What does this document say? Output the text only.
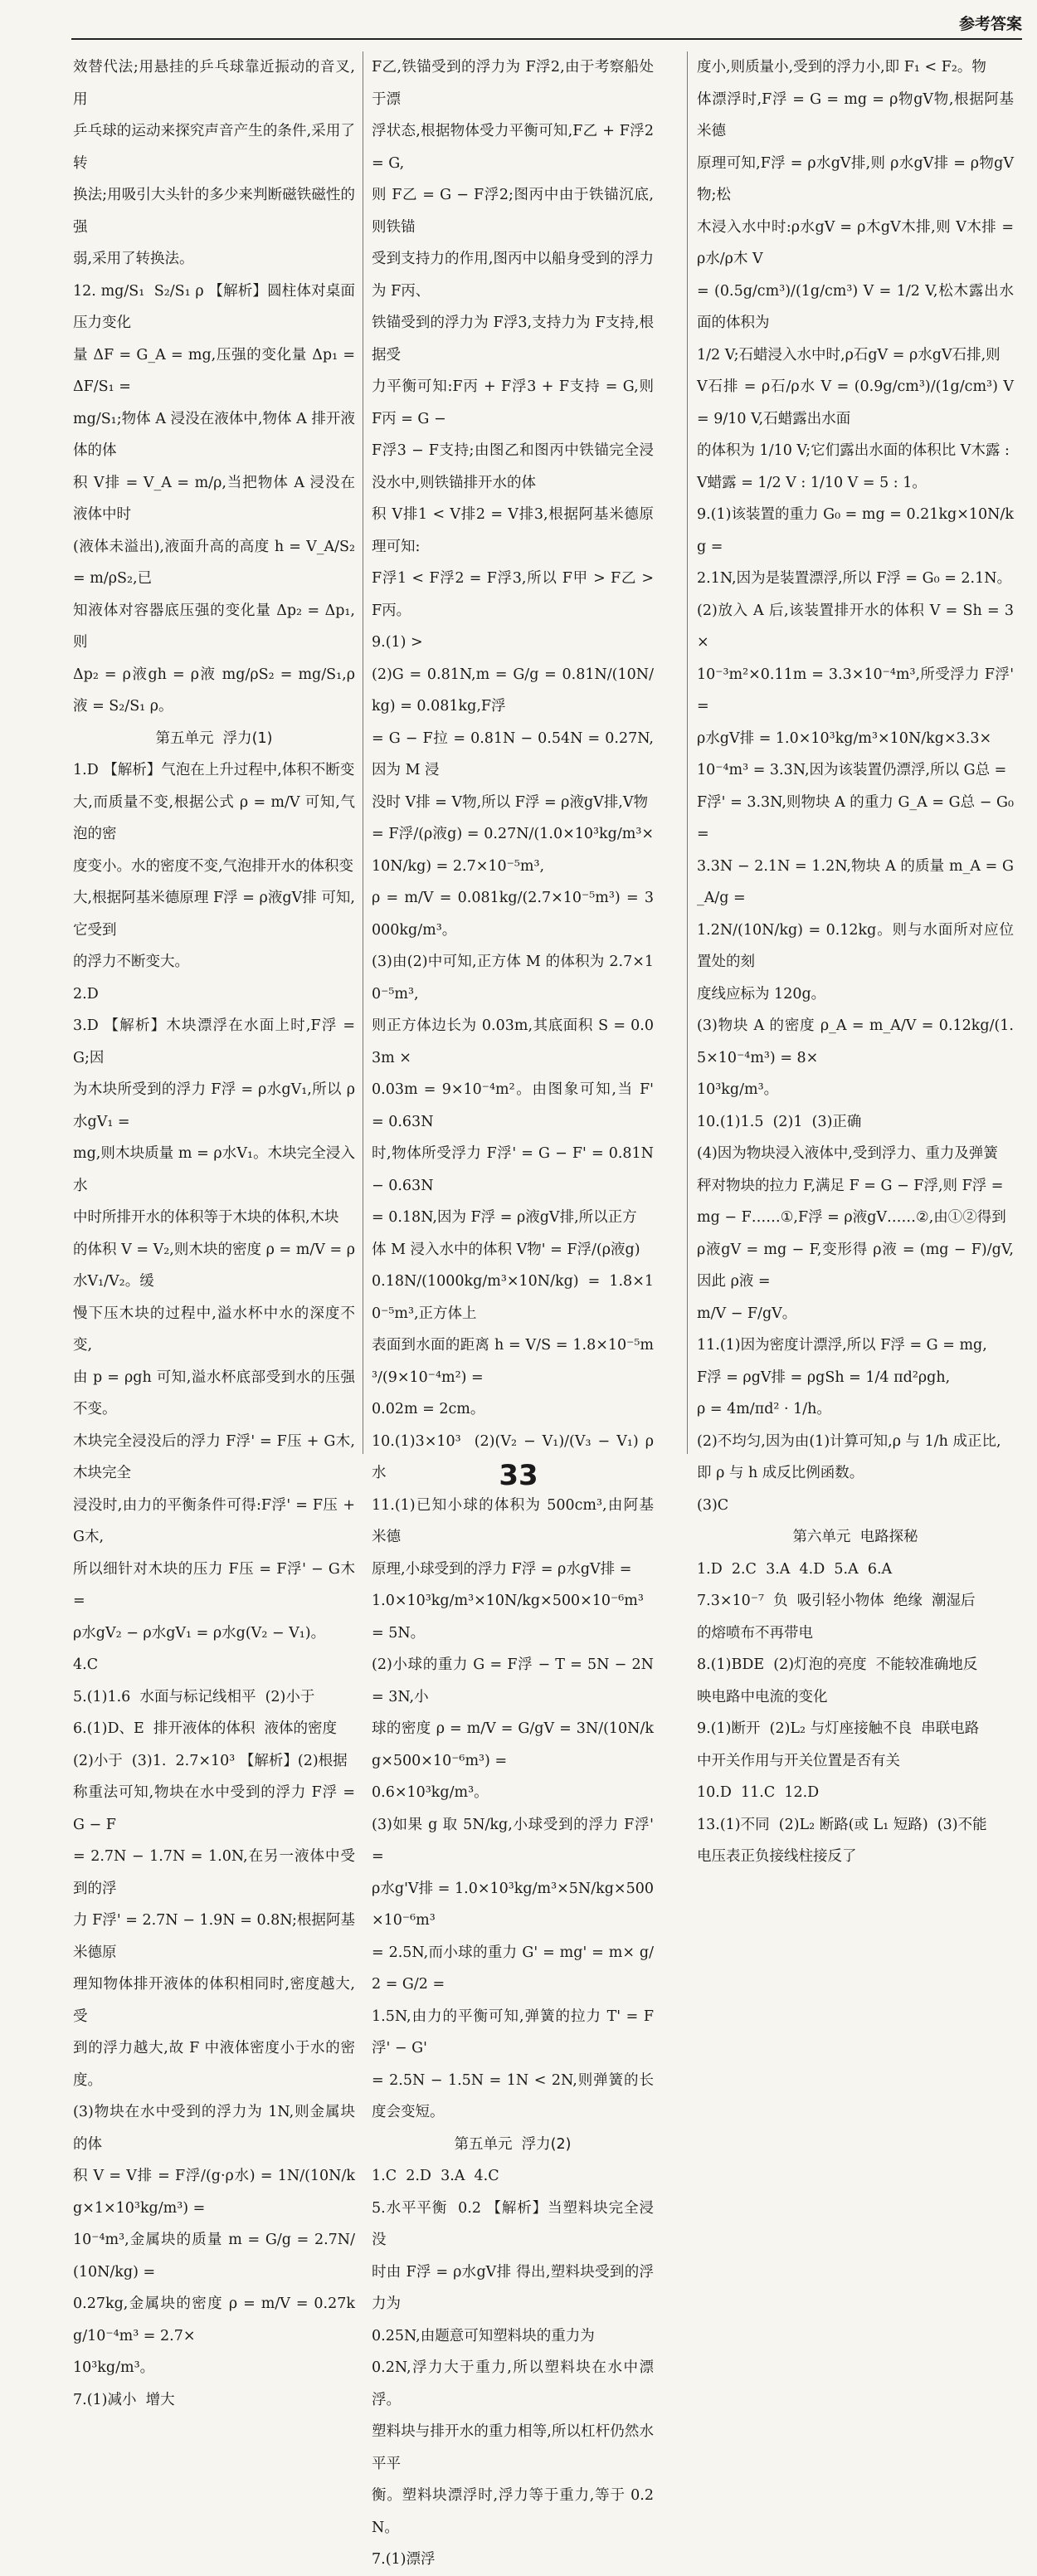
参考答案
效替代法;用悬挂的乒乓球靠近振动的音叉,用
乒乓球的运动来探究声音产生的条件,采用了转
换法;用吸引大头针的多少来判断磁铁磁性的强
弱,采用了转换法。
12. mg/S₁  S₂/S₁ ρ 【解析】圆柱体对桌面压力变化
量 ΔF = G_A = mg,压强的变化量 Δp₁ = ΔF/S₁ =
mg/S₁;物体 A 浸没在液体中,物体 A 排开液体的体
积 V排 = V_A = m/ρ,当把物体 A 浸没在液体中时
(液体未溢出),液面升高的高度 h = V_A/S₂ = m/ρS₂,已
知液体对容器底压强的变化量 Δp₂ = Δp₁,则
Δp₂ = ρ液gh = ρ液 mg/ρS₂ = mg/S₁,ρ液 = S₂/S₁ ρ。
第五单元  浮力(1)
1.D 【解析】气泡在上升过程中,体积不断变
大,而质量不变,根据公式 ρ = m/V 可知,气泡的密
度变小。水的密度不变,气泡排开水的体积变
大,根据阿基米德原理 F浮 = ρ液gV排 可知,它受到
的浮力不断变大。
2.D
3.D 【解析】木块漂浮在水面上时,F浮 = G;因
为木块所受到的浮力 F浮 = ρ水gV₁,所以 ρ水gV₁ =
mg,则木块质量 m = ρ水V₁。木块完全浸入水
中时所排开水的体积等于木块的体积,木块
的体积 V = V₂,则木块的密度 ρ = m/V = ρ水V₁/V₂。缓
慢下压木块的过程中,溢水杯中水的深度不变,
由 p = ρgh 可知,溢水杯底部受到水的压强不变。
木块完全浸没后的浮力 F浮' = F压 + G木,木块完全
浸没时,由力的平衡条件可得:F浮' = F压 + G木,
所以细针对木块的压力 F压 = F浮' − G木 =
ρ水gV₂ − ρ水gV₁ = ρ水g(V₂ − V₁)。
4.C
5.(1)1.6  水面与标记线相平  (2)小于
6.(1)D、E  排开液体的体积  液体的密度
(2)小于  (3)1.  2.7×10³ 【解析】(2)根据
称重法可知,物块在水中受到的浮力 F浮 = G − F
= 2.7N − 1.7N = 1.0N,在另一液体中受到的浮
力 F浮' = 2.7N − 1.9N = 0.8N;根据阿基米德原
理知物体排开液体的体积相同时,密度越大,受
到的浮力越大,故 F 中液体密度小于水的密度。
(3)物块在水中受到的浮力为 1N,则金属块的体
积 V = V排 = F浮/(g·ρ水) = 1N/(10N/kg×1×10³kg/m³) =
10⁻⁴m³,金属块的质量 m = G/g = 2.7N/(10N/kg) =
0.27kg,金属块的密度 ρ = m/V = 0.27kg/10⁻⁴m³ = 2.7×
10³kg/m³。
7.(1)减小  增大
F乙,铁锚受到的浮力为 F浮2,由于考察船处于漂
浮状态,根据物体受力平衡可知,F乙 + F浮2 = G,
则 F乙 = G − F浮2;图丙中由于铁锚沉底,则铁锚
受到支持力的作用,图丙中以船身受到的浮力为 F丙、
铁锚受到的浮力为 F浮3,支持力为 F支持,根据受
力平衡可知:F丙 + F浮3 + F支持 = G,则 F丙 = G −
F浮3 − F支持;由图乙和图丙中铁锚完全浸没水中,则铁锚排开水的体
积 V排1 < V排2 = V排3,根据阿基米德原理可知:
F浮1 < F浮2 = F浮3,所以 F甲 > F乙 > F丙。
9.(1) >
(2)G = 0.81N,m = G/g = 0.81N/(10N/kg) = 0.081kg,F浮
= G − F拉 = 0.81N − 0.54N = 0.27N,因为 M 浸
没时 V排 = V物,所以 F浮 = ρ液gV排,V物
= F浮/(ρ液g) = 0.27N/(1.0×10³kg/m³×10N/kg) = 2.7×10⁻⁵m³,
ρ = m/V = 0.081kg/(2.7×10⁻⁵m³) = 3000kg/m³。
(3)由(2)中可知,正方体 M 的体积为 2.7×10⁻⁵m³,
则正方体边长为 0.03m,其底面积 S = 0.03m ×
0.03m = 9×10⁻⁴m²。由图象可知,当 F' = 0.63N
时,物体所受浮力 F浮' = G − F' = 0.81N − 0.63N
= 0.18N,因为 F浮 = ρ液gV排,所以正方
体 M 浸入水中的体积 V物' = F浮/(ρ液g)
0.18N/(1000kg/m³×10N/kg) = 1.8×10⁻⁵m³,正方体上
表面到水面的距离 h = V/S = 1.8×10⁻⁵m³/(9×10⁻⁴m²) =
0.02m = 2cm。
10.(1)3×10³  (2)(V₂ − V₁)/(V₃ − V₁) ρ水
11.(1)已知小球的体积为 500cm³,由阿基米德
原理,小球受到的浮力 F浮 = ρ水gV排 =
1.0×10³kg/m³×10N/kg×500×10⁻⁶m³ = 5N。
(2)小球的重力 G = F浮 − T = 5N − 2N = 3N,小
球的密度 ρ = m/V = G/gV = 3N/(10N/kg×500×10⁻⁶m³) =
0.6×10³kg/m³。
(3)如果 g 取 5N/kg,小球受到的浮力 F浮' =
ρ水g'V排 = 1.0×10³kg/m³×5N/kg×500×10⁻⁶m³
= 2.5N,而小球的重力 G' = mg' = m× g/2 = G/2 =
1.5N,由力的平衡可知,弹簧的拉力 T' = F浮' − G'
= 2.5N − 1.5N = 1N < 2N,则弹簧的长度会变短。
第五单元  浮力(2)
1.C  2.D  3.A  4.C
5.水平平衡  0.2 【解析】当塑料块完全浸没
时由 F浮 = ρ水gV排 得出,塑料块受到的浮力为
0.25N,由题意可知塑料块的重力为
0.2N,浮力大于重力,所以塑料块在水中漂浮。
塑料块与排开水的重力相等,所以杠杆仍然水平平
衡。塑料块漂浮时,浮力等于重力,等于 0.2N。
7.(1)漂浮
度小,则质量小,受到的浮力小,即 F₁ < F₂。物
体漂浮时,F浮 = G = mg = ρ物gV物,根据阿基米德
原理可知,F浮 = ρ水gV排,则 ρ水gV排 = ρ物gV物;松
木浸入水中时:ρ水gV = ρ木gV木排,则 V木排 = ρ水/ρ木 V
= (0.5g/cm³)/(1g/cm³) V = 1/2 V,松木露出水面的体积为
1/2 V;石蜡浸入水中时,ρ石gV = ρ水gV石排,则
V石排 = ρ石/ρ水 V = (0.9g/cm³)/(1g/cm³) V = 9/10 V,石蜡露出水面
的体积为 1/10 V;它们露出水面的体积比 V木露 :
V蜡露 = 1/2 V : 1/10 V = 5 : 1。
9.(1)该装置的重力 G₀ = mg = 0.21kg×10N/kg =
2.1N,因为是装置漂浮,所以 F浮 = G₀ = 2.1N。
(2)放入 A 后,该装置排开水的体积 V = Sh = 3×
10⁻³m²×0.11m = 3.3×10⁻⁴m³,所受浮力 F浮' =
ρ水gV排 = 1.0×10³kg/m³×10N/kg×3.3×
10⁻⁴m³ = 3.3N,因为该装置仍漂浮,所以 G总 =
F浮' = 3.3N,则物块 A 的重力 G_A = G总 − G₀ =
3.3N − 2.1N = 1.2N,物块 A 的质量 m_A = G_A/g =
1.2N/(10N/kg) = 0.12kg。则与水面所对应位置处的刻
度线应标为 120g。
(3)物块 A 的密度 ρ_A = m_A/V = 0.12kg/(1.5×10⁻⁴m³) = 8×
10³kg/m³。
10.(1)1.5  (2)1  (3)正确
(4)因为物块浸入液体中,受到浮力、重力及弹簧
秤对物块的拉力 F,满足 F = G − F浮,则 F浮 =
mg − F……①,F浮 = ρ液gV……②,由①②得到
ρ液gV = mg − F,变形得 ρ液 = (mg − F)/gV,因此 ρ液 =
m/V − F/gV。
11.(1)因为密度计漂浮,所以 F浮 = G = mg,
F浮 = ρgV排 = ρgSh = 1/4 πd²ρgh,
ρ = 4m/πd² · 1/h。
(2)不均匀,因为由(1)计算可知,ρ 与 1/h 成正比,
即 ρ 与 h 成反比例函数。
(3)C
第六单元  电路探秘
1.D  2.C  3.A  4.D  5.A  6.A
7.3×10⁻⁷  负  吸引轻小物体  绝缘  潮湿后
的熔喷布不再带电
8.(1)BDE  (2)灯泡的亮度  不能较准确地反
映电路中电流的变化
9.(1)断开  (2)L₂ 与灯座接触不良  串联电路
中开关作用与开关位置是否有关
10.D  11.C  12.D
13.(1)不同  (2)L₂ 断路(或 L₁ 短路)  (3)不能
电压表正负接线柱接反了
33
